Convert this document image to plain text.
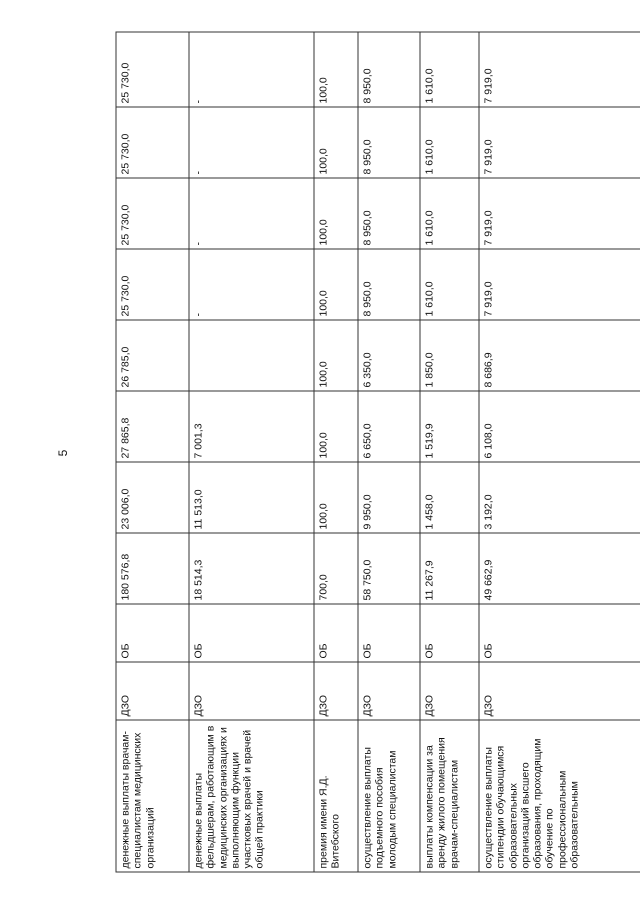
5
денежные выплаты врачам-специалистам медицинских организаций	ДЗО	ОБ	180 576,8	23 006,0	27 865,8	26 785,0	25 730,0	25 730,0	25 730,0	25 730,0
денежные выплаты фельдшерам, работающим в медицинских организациях и выполняющим функции участковых врачей и врачей общей практики	ДЗО	ОБ	18 514,3	11 513,0	7 001,3		-	-	-	-
премия имени Я.Д. Витебского	ДЗО	ОБ	700,0	100,0	100,0	100,0	100,0	100,0	100,0	100,0
осуществление выплаты подъемного пособия молодым специалистам	ДЗО	ОБ	58 750,0	9 950,0	6 650,0	6 350,0	8 950,0	8 950,0	8 950,0	8 950,0
выплаты компенсации за аренду жилого помещения врачам-специалистам	ДЗО	ОБ	11 267,9	1 458,0	1 519,9	1 850,0	1 610,0	1 610,0	1 610,0	1 610,0
осуществление выплаты стипендии обучающимся образовательных организаций высшего образования, проходящим обучение по профессиональным образовательным	ДЗО	ОБ	49 662,9	3 192,0	6 108,0	8 686,9	7 919,0	7 919,0	7 919,0	7 919,0
